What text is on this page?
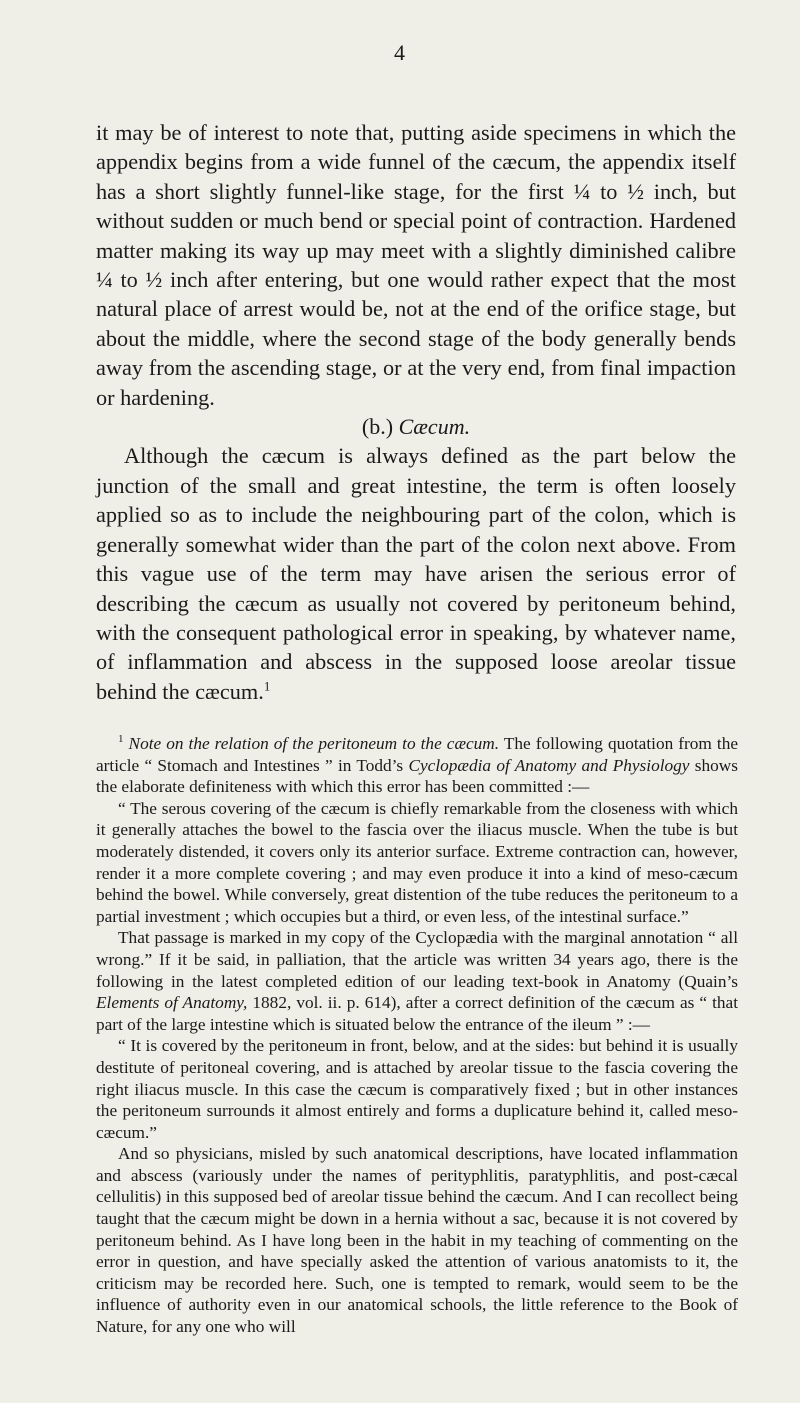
4

it may be of interest to note that, putting aside specimens in which the appendix begins from a wide funnel of the cæcum, the appendix itself has a short slightly funnel-like stage, for the first ¼ to ½ inch, but without sudden or much bend or special point of contraction. Hardened matter making its way up may meet with a slightly diminished calibre ¼ to ½ inch after entering, but one would rather expect that the most natural place of arrest would be, not at the end of the orifice stage, but about the middle, where the second stage of the body generally bends away from the ascending stage, or at the very end, from final impaction or hardening.

(b.) Cæcum.

Although the cæcum is always defined as the part below the junction of the small and great intestine, the term is often loosely applied so as to include the neighbouring part of the colon, which is generally somewhat wider than the part of the colon next above. From this vague use of the term may have arisen the serious error of describing the cæcum as usually not covered by peritoneum behind, with the consequent pathological error in speaking, by whatever name, of inflammation and abscess in the supposed loose areolar tissue behind the cæcum.$^1$

$^1$ Note on the relation of the peritoneum to the cæcum. The following quotation from the article “ Stomach and Intestines ” in Todd’s Cyclopædia of Anatomy and Physiology shows the elaborate definiteness with which this error has been committed :—

“ The serous covering of the cæcum is chiefly remarkable from the closeness with which it generally attaches the bowel to the fascia over the iliacus muscle. When the tube is but moderately distended, it covers only its anterior surface. Extreme contraction can, however, render it a more complete covering ; and may even produce it into a kind of meso-cæcum behind the bowel. While conversely, great distention of the tube reduces the peritoneum to a partial investment ; which occupies but a third, or even less, of the intestinal surface.”

That passage is marked in my copy of the Cyclopædia with the marginal annotation “ all wrong.” If it be said, in palliation, that the article was written 34 years ago, there is the following in the latest completed edition of our leading text-book in Anatomy (Quain’s Elements of Anatomy, 1882, vol. ii. p. 614), after a correct definition of the cæcum as “ that part of the large intestine which is situated below the entrance of the ileum ” :—

“ It is covered by the peritoneum in front, below, and at the sides: but behind it is usually destitute of peritoneal covering, and is attached by areolar tissue to the fascia covering the right iliacus muscle. In this case the cæcum is comparatively fixed ; but in other instances the peritoneum surrounds it almost entirely and forms a duplicature behind it, called meso-cæcum.”

And so physicians, misled by such anatomical descriptions, have located inflammation and abscess (variously under the names of perityphlitis, paratyphlitis, and post-cæcal cellulitis) in this supposed bed of areolar tissue behind the cæcum. And I can recollect being taught that the cæcum might be down in a hernia without a sac, because it is not covered by peritoneum behind. As I have long been in the habit in my teaching of commenting on the error in question, and have specially asked the attention of various anatomists to it, the criticism may be recorded here. Such, one is tempted to remark, would seem to be the influence of authority even in our anatomical schools, the little reference to the Book of Nature, for any one who will
